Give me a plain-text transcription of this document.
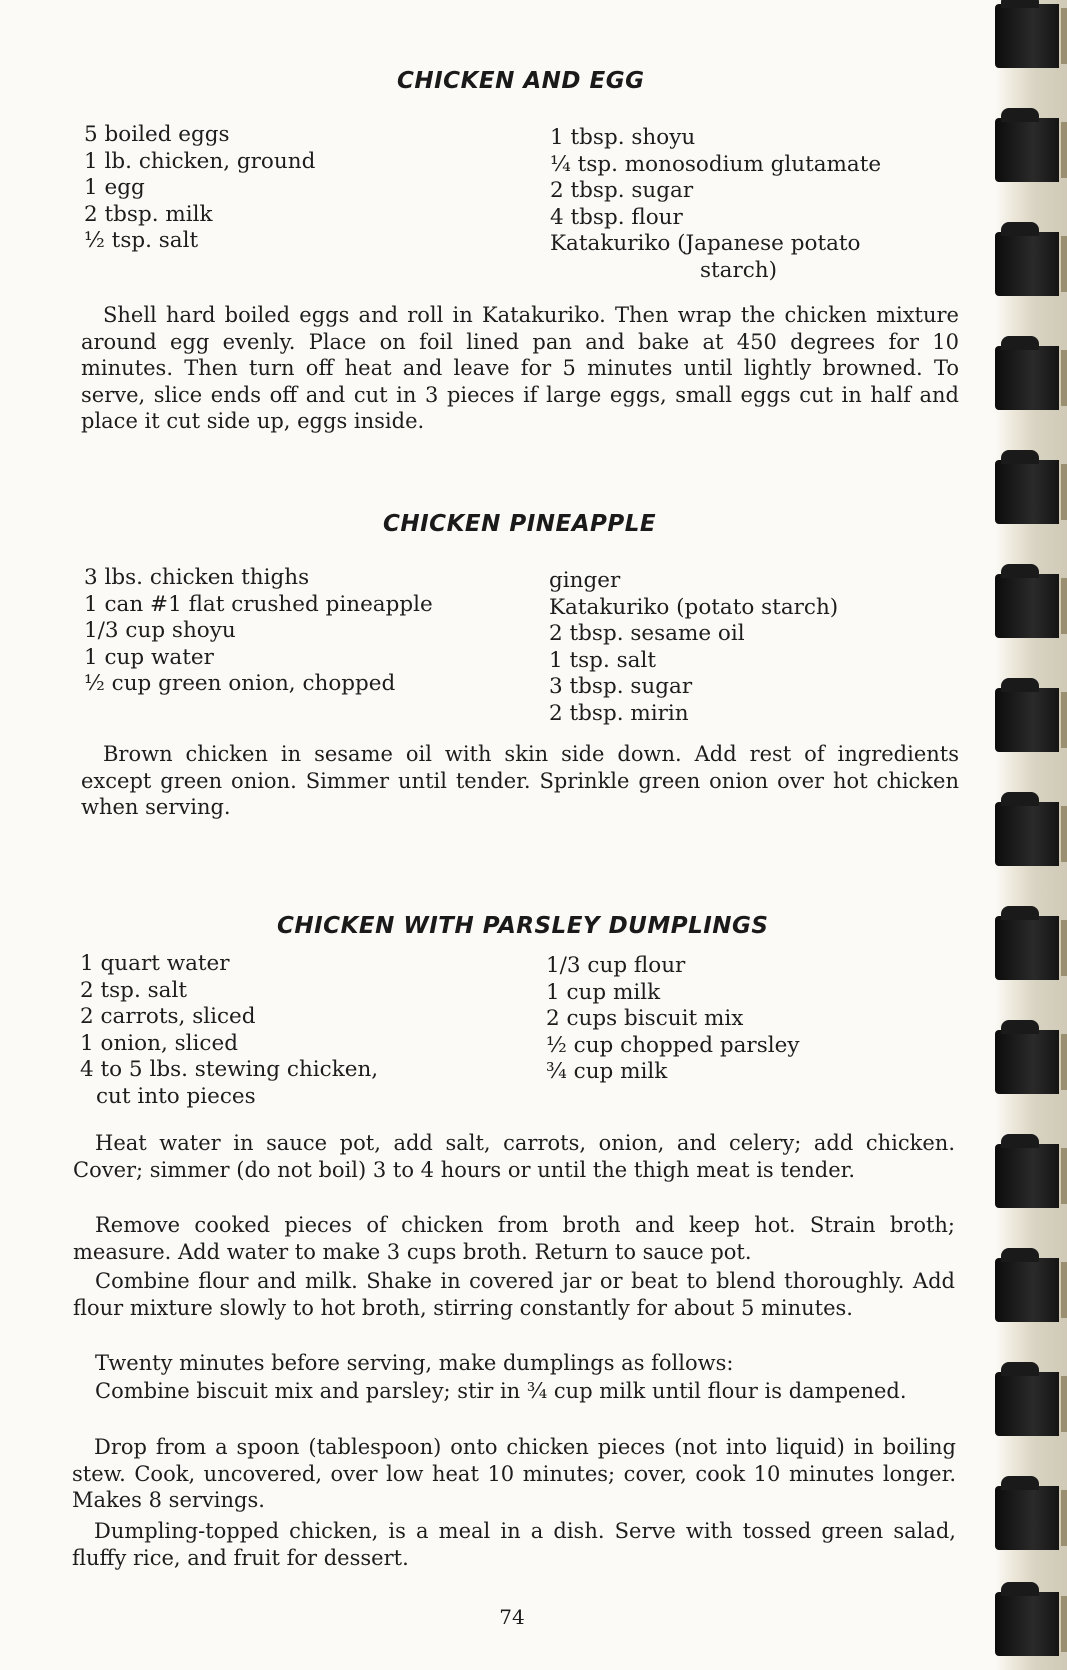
CHICKEN AND EGG
5 boiled eggs
1 lb. chicken, ground
1 egg
2 tbsp. milk
½ tsp. salt
1 tbsp. shoyu
¼ tsp. monosodium glutamate
2 tbsp. sugar
4 tbsp. flour
Katakuriko (Japanese potato
starch)

Shell hard boiled eggs and roll in Katakuriko. Then wrap the chicken mixture around egg evenly. Place on foil lined pan and bake at 450 degrees for 10 minutes. Then turn off heat and leave for 5 minutes until lightly browned. To serve, slice ends off and cut in 3 pieces if large eggs, small eggs cut in half and place it cut side up, eggs inside.

CHICKEN PINEAPPLE
3 lbs. chicken thighs
1 can #1 flat crushed pineapple
1/3 cup shoyu
1 cup water
½ cup green onion, chopped
ginger
Katakuriko (potato starch)
2 tbsp. sesame oil
1 tsp. salt
3 tbsp. sugar
2 tbsp. mirin

Brown chicken in sesame oil with skin side down. Add rest of ingredients except green onion. Simmer until tender. Sprinkle green onion over hot chicken when serving.

CHICKEN WITH PARSLEY DUMPLINGS
1 quart water
2 tsp. salt
2 carrots, sliced
1 onion, sliced
4 to 5 lbs. stewing chicken,
cut into pieces
1/3 cup flour
1 cup milk
2 cups biscuit mix
½ cup chopped parsley
¾ cup milk

Heat water in sauce pot, add salt, carrots, onion, and celery; add chicken. Cover; simmer (do not boil) 3 to 4 hours or until the thigh meat is tender.

Remove cooked pieces of chicken from broth and keep hot. Strain broth; measure. Add water to make 3 cups broth. Return to sauce pot.

Combine flour and milk. Shake in covered jar or beat to blend thoroughly. Add flour mixture slowly to hot broth, stirring constantly for about 5 minutes.

Twenty minutes before serving, make dumplings as follows:

Combine biscuit mix and parsley; stir in ¾ cup milk until flour is dampened.

Drop from a spoon (tablespoon) onto chicken pieces (not into liquid) in boiling stew. Cook, uncovered, over low heat 10 minutes; cover, cook 10 minutes longer. Makes 8 servings.

Dumpling-topped chicken, is a meal in a dish. Serve with tossed green salad, fluffy rice, and fruit for dessert.

74
